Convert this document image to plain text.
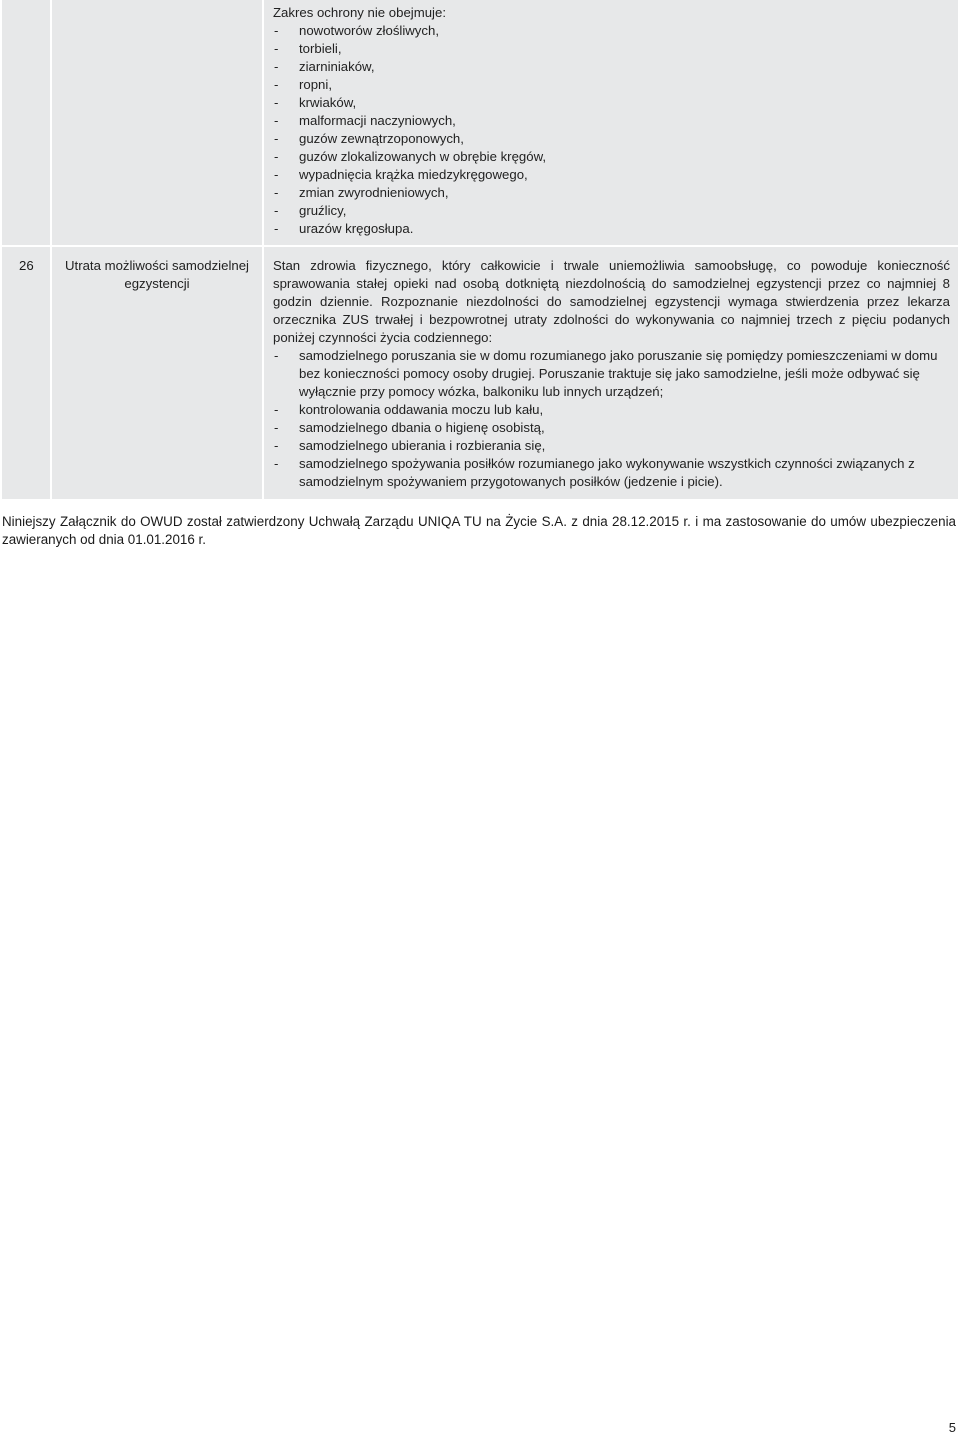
Zakres ochrony nie obejmuje:

- nowotworów złośliwych,
- torbieli,
- ziarniniaków,
- ropni,
- krwiaków,
- malformacji naczyniowych,
- guzów zewnątrzoponowych,
- guzów zlokalizowanych w obrębie kręgów,
- wypadnięcia krążka miedzykręgowego,
- zmian zwyrodnieniowych,
- gruźlicy,
- urazów kręgosłupa.
26	Utrata możliwości samodzielnej egzystencji

Stan zdrowia fizycznego, który całkowicie i trwale uniemożliwia samoobsługę, co powoduje konieczność sprawowania stałej opieki nad osobą dotkniętą niezdolnością do samodzielnej egzystencji przez co najmniej 8 godzin dziennie. Rozpoznanie niezdolności do samodzielnej egzystencji wymaga stwierdzenia przez lekarza orzecznika ZUS trwałej i bezpowrotnej utraty zdolności do wykonywania co najmniej trzech z pięciu podanych poniżej czynności życia codziennego:

- samodzielnego poruszania sie w domu rozumianego jako poruszanie się pomiędzy pomieszczeniami w domu bez konieczności pomocy osoby drugiej. Poruszanie traktuje się jako samodzielne, jeśli może odbywać się wyłącznie przy pomocy wózka, balkoniku lub innych urządzeń;
- kontrolowania oddawania moczu lub kału,
- samodzielnego dbania o higienę osobistą,
- samodzielnego ubierania i rozbierania się,
- samodzielnego spożywania posiłków rozumianego jako wykonywanie wszystkich czynności związanych z samodzielnym spożywaniem przygotowanych posiłków (jedzenie i picie).

Niniejszy Załącznik do OWUD został zatwierdzony Uchwałą Zarządu UNIQA TU na Życie S.A. z dnia 28.12.2015 r. i ma zastosowanie do umów ubezpieczenia zawieranych od dnia 01.01.2016 r.

5
